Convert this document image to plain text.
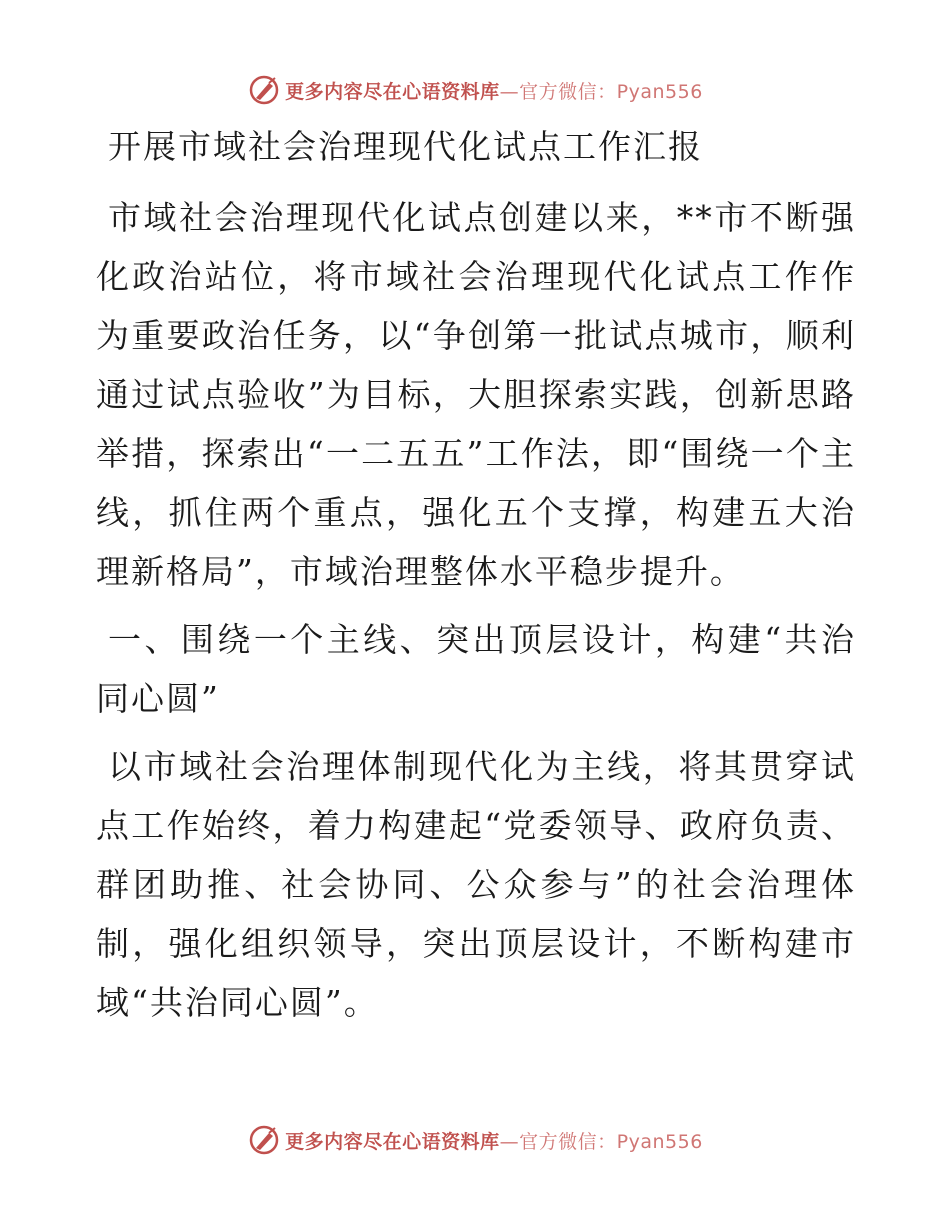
更多内容尽在心语资料库—官方微信：Pyan556
开展市域社会治理现代化试点工作汇报

市域社会治理现代化试点创建以来，**市不断强化政治站位，将市域社会治理现代化试点工作作为重要政治任务，以“争创第一批试点城市，顺利通过试点验收”为目标，大胆探索实践，创新思路举措，探索出“一二五五”工作法，即“围绕一个主线，抓住两个重点，强化五个支撑，构建五大治理新格局”，市域治理整体水平稳步提升。

一、围绕一个主线、突出顶层设计，构建“共治同心圆”

以市域社会治理体制现代化为主线，将其贯穿试点工作始终，着力构建起“党委领导、政府负责、群团助推、社会协同、公众参与”的社会治理体制，强化组织领导，突出顶层设计，不断构建市域“共治同心圆”。

更多内容尽在心语资料库—官方微信：Pyan556
